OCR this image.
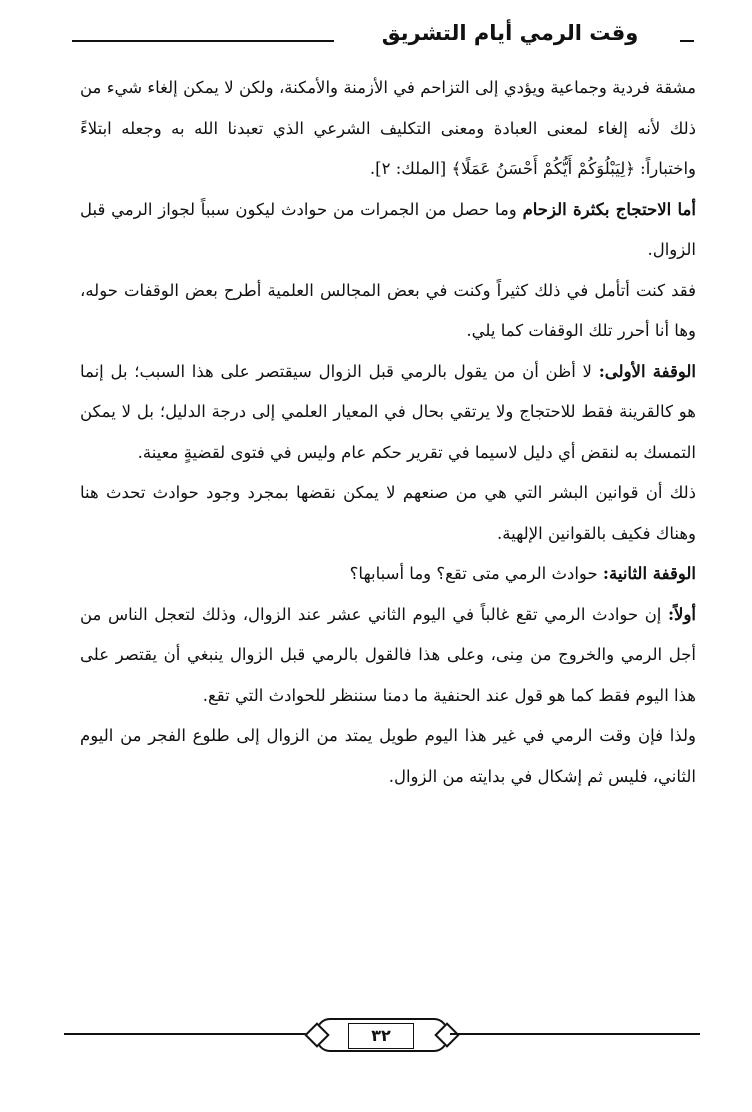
وقت الرمي أيام التشريق

مشقة فردية وجماعية ويؤدي إلى التزاحم في الأزمنة والأمكنة، ولكن لا يمكن إلغاء شيء من ذلك لأنه إلغاء لمعنى العبادة ومعنى التكليف الشرعي الذي تعبدنا الله به وجعله ابتلاءً واختباراً: ﴿لِيَبْلُوَكُمْ أَيُّكُمْ أَحْسَنُ عَمَلًا﴾ [الملك: ٢].

أما الاحتجاج بكثرة الزحام وما حصل من الجمرات من حوادث ليكون سبباً لجواز الرمي قبل الزوال.

فقد كنت أتأمل في ذلك كثيراً وكنت في بعض المجالس العلمية أطرح بعض الوقفات حوله، وها أنا أحرر تلك الوقفات كما يلي.

الوقفة الأولى: لا أظن أن من يقول بالرمي قبل الزوال سيقتصر على هذا السبب؛ بل إنما هو كالقرينة فقط للاحتجاج ولا يرتقي بحال في المعيار العلمي إلى درجة الدليل؛ بل لا يمكن التمسك به لنقض أي دليل لاسيما في تقرير حكم عام وليس في فتوى لقضيةٍ معينة.

ذلك أن قوانين البشر التي هي من صنعهم لا يمكن نقضها بمجرد وجود حوادث تحدث هنا وهناك فكيف بالقوانين الإلهية.

الوقفة الثانية: حوادث الرمي متى تقع؟ وما أسبابها؟

أولاً: إن حوادث الرمي تقع غالباً في اليوم الثاني عشر عند الزوال، وذلك لتعجل الناس من أجل الرمي والخروج من مِنى، وعلى هذا فالقول بالرمي قبل الزوال ينبغي أن يقتصر على هذا اليوم فقط كما هو قول عند الحنفية ما دمنا سننظر للحوادث التي تقع.

ولذا فإن وقت الرمي في غير هذا اليوم طويل يمتد من الزوال إلى طلوع الفجر من اليوم الثاني، فليس ثم إشكال في بدايته من الزوال.

٣٢
